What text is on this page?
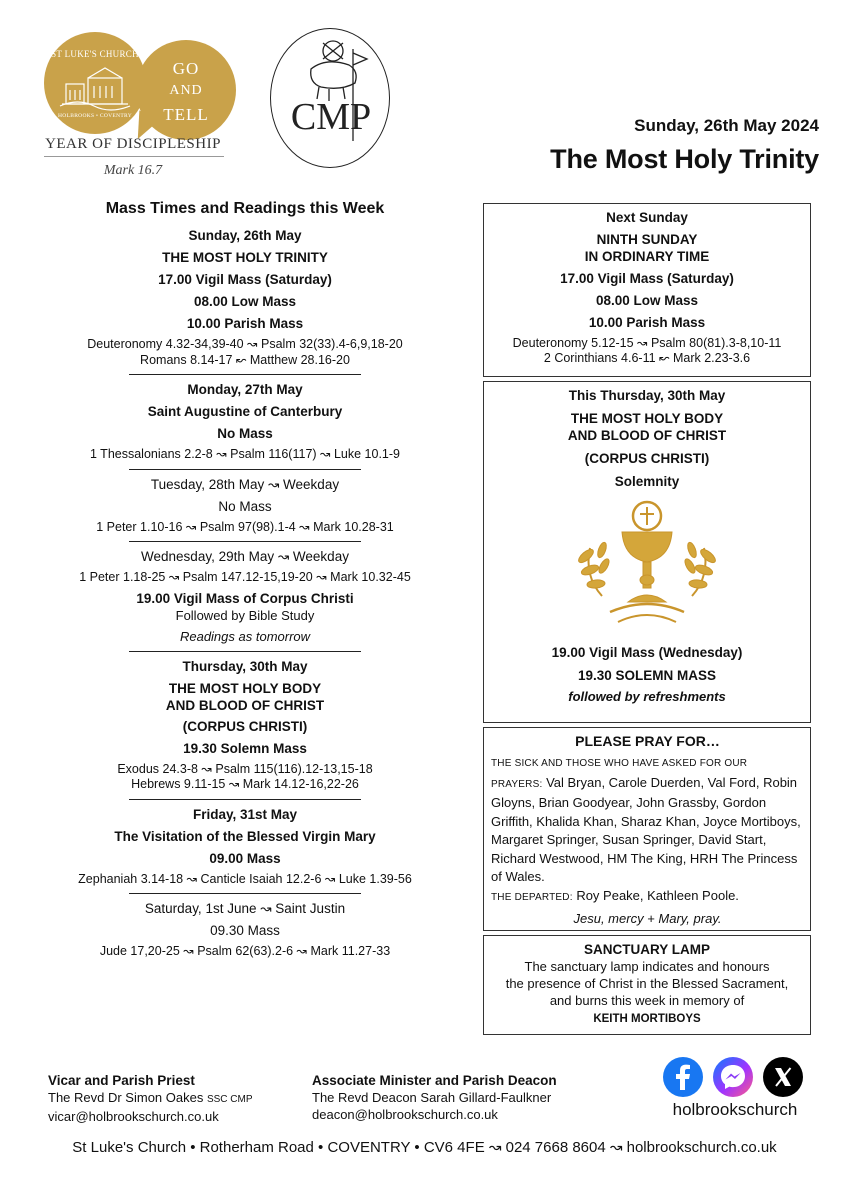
ST LUKE'S CHURCH
HOLBROOKS • COVENTRY
GO
AND
TELL
YEAR OF DISCIPLESHIP
Mark 16.7
CMP	Sunday, 26th May 2024
The Most Holy Trinity
Mass Times and Readings this Week
Sunday, 26th May
THE MOST HOLY TRINITY
17.00 Vigil Mass (Saturday)
08.00 Low Mass
10.00 Parish Mass
Deuteronomy 4.32-34,39-40 ↝ Psalm 32(33).4-6,9,18-20
Romans 8.14-17 ↜ Matthew 28.16-20
Monday, 27th May
Saint Augustine of Canterbury
No Mass
1 Thessalonians 2.2-8 ↝ Psalm 116(117) ↝ Luke 10.1-9
Tuesday, 28th May ↝ Weekday
No Mass
1 Peter 1.10-16 ↝ Psalm 97(98).1-4 ↝ Mark 10.28-31
Wednesday, 29th May ↝ Weekday
1 Peter 1.18-25 ↝ Psalm 147.12-15,19-20 ↝ Mark 10.32-45
19.00 Vigil Mass of Corpus Christi
Followed by Bible Study
Readings as tomorrow
Thursday, 30th May
THE MOST HOLY BODY
AND BLOOD OF CHRIST
(CORPUS CHRISTI)
19.30 Solemn Mass
Exodus 24.3-8 ↝ Psalm 115(116).12-13,15-18
Hebrews 9.11-15 ↝ Mark 14.12-16,22-26
Friday, 31st May
The Visitation of the Blessed Virgin Mary
09.00 Mass
Zephaniah 3.14-18 ↝ Canticle Isaiah 12.2-6 ↝ Luke 1.39-56
Saturday, 1st June ↝ Saint Justin
09.30 Mass
Jude 17,20-25 ↝ Psalm 62(63).2-6 ↝ Mark 11.27-33
Next Sunday
NINTH SUNDAY
IN ORDINARY TIME
17.00 Vigil Mass (Saturday)
08.00 Low Mass
10.00 Parish Mass
Deuteronomy 5.12-15 ↝ Psalm 80(81).3-8,10-11
2 Corinthians 4.6-11 ↜ Mark 2.23-3.6
This Thursday, 30th May
THE MOST HOLY BODY
AND BLOOD OF CHRIST
(CORPUS CHRISTI)
Solemnity
19.00 Vigil Mass (Wednesday)
19.30 SOLEMN MASS
followed by refreshments
PLEASE PRAY FOR…
THE SICK AND THOSE WHO HAVE ASKED FOR OUR
PRAYERS: Val Bryan, Carole Duerden, Val Ford, Robin Gloyns, Brian Goodyear, John Grassby, Gordon Griffith, Khalida Khan, Sharaz Khan, Joyce Mortiboys, Margaret Springer, Susan Springer, David Start, Richard Westwood, HM The King, HRH The Princess of Wales.
THE DEPARTED: Roy Peake, Kathleen Poole.
Jesu, mercy + Mary, pray.
SANCTUARY LAMP
The sanctuary lamp indicates and honours
the presence of Christ in the Blessed Sacrament,
and burns this week in memory of
KEITH MORTIBOYS
Vicar and Parish Priest
The Revd Dr Simon Oakes SSC CMP
vicar@holbrookschurch.co.uk
Associate Minister and Parish Deacon
The Revd Deacon Sarah Gillard-Faulkner
deacon@holbrookschurch.co.uk	holbrookschurch
St Luke's Church • Rotherham Road • COVENTRY • CV6 4FE ↝ 024 7668 8604 ↝ holbrookschurch.co.uk
